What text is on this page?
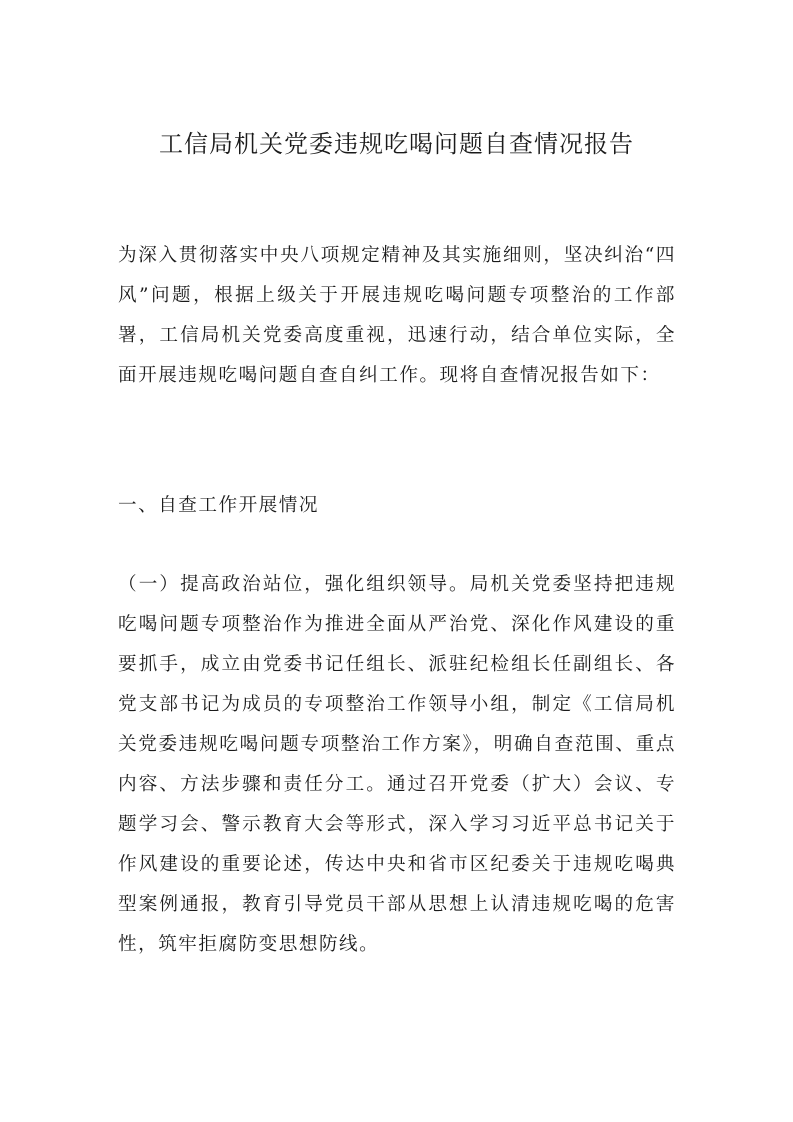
工信局机关党委违规吃喝问题自查情况报告

为深入贯彻落实中央八项规定精神及其实施细则，坚决纠治“四风”问题，根据上级关于开展违规吃喝问题专项整治的工作部署，工信局机关党委高度重视，迅速行动，结合单位实际，全面开展违规吃喝问题自查自纠工作。现将自查情况报告如下：

一、自查工作开展情况

（一）提高政治站位，强化组织领导。局机关党委坚持把违规吃喝问题专项整治作为推进全面从严治党、深化作风建设的重要抓手，成立由党委书记任组长、派驻纪检组长任副组长、各党支部书记为成员的专项整治工作领导小组，制定《工信局机关党委违规吃喝问题专项整治工作方案》，明确自查范围、重点内容、方法步骤和责任分工。通过召开党委（扩大）会议、专题学习会、警示教育大会等形式，深入学习习近平总书记关于作风建设的重要论述，传达中央和省市区纪委关于违规吃喝典型案例通报，教育引导党员干部从思想上认清违规吃喝的危害性，筑牢拒腐防变思想防线。
